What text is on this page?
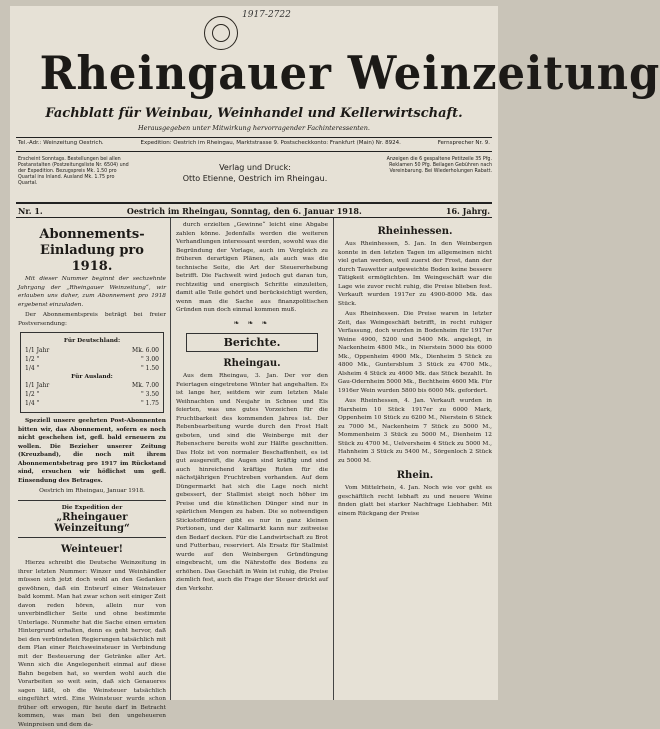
1917-2722
Rheingauer Weinzeitung
Fachblatt für Weinbau, Weinhandel und Kellerwirtschaft.
Herausgegeben unter Mitwirkung hervorragender Fachinteressenten.
Tel.-Adr.: Weinzeitung Oestrich.	Expedition: Oestrich im Rheingau, Marktstrasse 9. Postscheckkonto: Frankfurt (Main) Nr. 8924.	Fernsprecher Nr. 9.
Erscheint Sonntags. Bestellungen bei allen Postanstalten (Postzeitungsliste Nr. 6504) und der Expedition. Bezugspreis Mk. 1.50 pro Quartal ins Inland. Ausland Mk. 1.75 pro Quartal.
Verlag und Druck:
Otto Etienne, Oestrich im Rheingau.
Anzeigen die 6 gespaltene Petitzeile 35 Pfg. Reklamen 50 Pfg. Beilagen Gebühren nach Vereinbarung. Bei Wiederholungen Rabatt.
Nr. 1.	Oestrich im Rheingau, Sonntag, den 6. Januar 1918.	16. Jahrg.
Abonnements-
Einladung pro 1918.

Mit dieser Nummer beginnt der sechzehnte Jahrgang der „Rheingauer Weinzeitung“, wir erlauben uns daher, zum Abonnement pro 1918 ergebenst einzuladen.

Der Abonnementspreis beträgt bei freier Postversendung:

Für Deutschland:
1/1 Jahr	Mk. 6.00
1/2 "	" 3.00
1/4 "	" 1.50
Für Ausland:
1/1 Jahr	Mk. 7.00
1/2 "	" 3.50
1/4 "	" 1.75

Speziell unsere geehrten Post-Abonnenten bitten wir, das Abonnement, sofern es noch nicht geschehen ist, gefl. bald erneuern zu wollen. Die Bezieher unserer Zeitung (Kreuzband), die noch mit ihrem Abonnementsbetrag pro 1917 im Rückstand sind, ersuchen wir höflichst um gefl. Einsendung des Betrages.

Oestrich im Rheingau, Januar 1918.
Die Expedition der
„Rheingauer Weinzeitung“
Weinteuer!

Hierzu schreibt die Deutsche Weinzeitung in ihrer letzten Nummer: Winzer und Weinhändler müssen sich jetzt doch wohl an den Gedanken gewöhnen, daß ein Entwurf einer Weinsteuer bald kommt. Man hat zwar schon seit einiger Zeit davon reden hören, allein nur von unverbindlicher Seite und ohne bestimmte Unterlage. Nunmehr hat die Sache einen ernsten Hintergrund erhalten, denn es geht hervor, daß bei den verbündeten Regierungen tatsächlich mit dem Plan einer Reichsweinsteuer in Verbindung mit der Besteuerung der Getränke aller Art. Wenn sich die Angelegenheit einmal auf diese Bahn begeben hat, so werden wohl auch die Vorarbeiten so weit sein, daß sich Genaueres sagen läßt, ob die Weinsteuer tatsächlich eingeführt wird. Eine Weinsteuer wurde schon früher oft erwogen, für heute darf in Betracht kommen, was man bei den ungeheueren Weinpreisen und dem da-

durch erzielten „Gewinne“ leicht eine Abgabe zahlen könne. Jedenfalls werden die weiteren Verhandlungen interessant werden, sowohl was die Begründung der Vorlage, auch im Vergleich zu früheren derartigen Plänen, als auch was die technische Seite, die Art der Steuererhebung betrifft. Die Fachwelt wird jedoch gut daran tun, rechtzeitig und energisch Schritte einzuleiten, damit alle Teile gehört und berücksichtigt werden, wenn man die Sache aus finanzpolitischen Gründen nun doch einmal kommen muß.

❧ ❧ ❧
Berichte.
Rheingau.

Aus dem Rheingau, 3. Jan. Der vor den Feiertagen eingetretene Winter hat angehalten. Es ist lange her, seitdem wir zum letzten Male Weihnachten und Neujahr in Schnee und Eis feierten, was uns gutes Vorzeichen für die Fruchtbarkeit des kommenden Jahres ist. Der Rebenbearbeitung wurde durch den Frost Halt geboten, und sind die Weinberge mit der Rebenschere bereits wohl zur Hälfte geschnitten. Das Holz ist von normaler Beschaffenheit, es ist gut ausgereift, die Augen sind kräftig und sind auch hinreichend kräftige Ruten für die nächstjährigen Fruchtreben vorhanden. Auf dem Düngermarkt hat sich die Lage noch nicht gebessert, der Stallmist steigt noch höher im Preise und die künstlichen Dünger sind nur in spärlichen Mengen zu haben. Die so notwendigen Stickstoffdünger gibt es nur in ganz kleinen Portionen, und der Kalimarkt kann nur zeitweise den Bedarf decken. Für die Landwirtschaft zu Brot und Futterbau, reserviert. Als Ersatz für Stallmist wurde auf den Weinbergen Gründüngung eingebracht, um die Nährstoffe des Bodens zu erhöhen. Das Geschäft in Wein ist ruhig, die Preise ziemlich fest, auch die Frage der Steuer drückt auf den Verkehr.

Rheinhessen.

Aus Rheinhessen, 5. Jan. In den Weinbergen konnte in den letzten Tagen im allgemeinen nicht viel getan werden, weil zuerst der Frost, dann der durch Tauwetter aufgeweichte Boden keine bessere Tätigkeit ermöglichten. Im Weingeschäft war die Lage wie zuvor recht ruhig, die Preise blieben fest. Verkauft wurden 1917er zu 4900-8000 Mk. das Stück.

Aus Rheinhessen. Die Preise waren in letzter Zeit, das Weingeschäft betrifft, in recht ruhiger Verfassung, doch wurden in Bodenheim für 1917er Weine 4900, 5200 und 5400 Mk. angelegt, in Nackenheim 4800 Mk., in Nierstein 5000 bis 6000 Mk., Oppenheim 4900 Mk., Dienheim 5 Stück zu 4800 Mk., Guntersblum 3 Stück zu 4700 Mk., Alsheim 4 Stück zu 4600 Mk. das Stück bezahlt. In Gau-Odernheim 5000 Mk., Bechtheim 4600 Mk. Für 1916er Wein wurden 5800 bis 6000 Mk. gefordert.

Aus Rheinhessen, 4. Jan. Verkauft wurden in Harxheim 10 Stück 1917er zu 6000 Mark, Oppenheim 10 Stück zu 6200 M., Nierstein 6 Stück zu 7000 M., Nackenheim 7 Stück zu 5000 M., Mommenheim 3 Stück zu 5000 M., Dienheim 12 Stück zu 4700 M., Uelversheim 4 Stück zu 5000 M., Hahnheim 3 Stück zu 5400 M., Sörgenloch 2 Stück zu 5000 M.

Rhein.

Vom Mittelrhein, 4. Jan. Noch wie vor geht es geschäftlich recht lebhaft zu und neuere Weine finden glatt bei starker Nachfrage Liebhaber. Mit einem Rückgang der Preise
